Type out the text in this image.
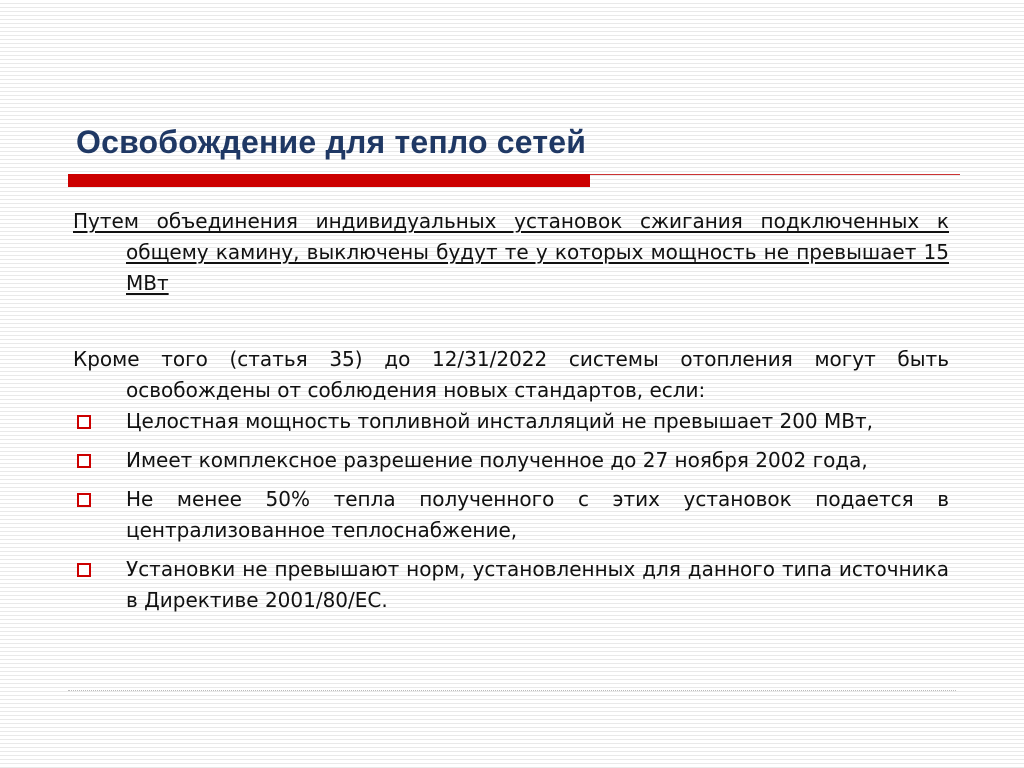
Освобождение для тепло сетей

Путем объединения индивидуальных установок сжигания подключенных к общему камину, выключены будут те у которых мощность не превышает 15 МВт

Кроме того (статья 35) до 12/31/2022 системы отопления могут быть освобождены от соблюдения новых стандартов, если:

Целостная мощность топливной инсталляций не превышает 200 МВт,
Имеет комплексное разрешение полученное до 27 ноября 2002 года,
Не менее 50% тепла полученного с этих установок подается в централизованное теплоснабжение,
Установки не превышают норм, установленных для данного типа источника в Директиве 2001/80/ЕС.
